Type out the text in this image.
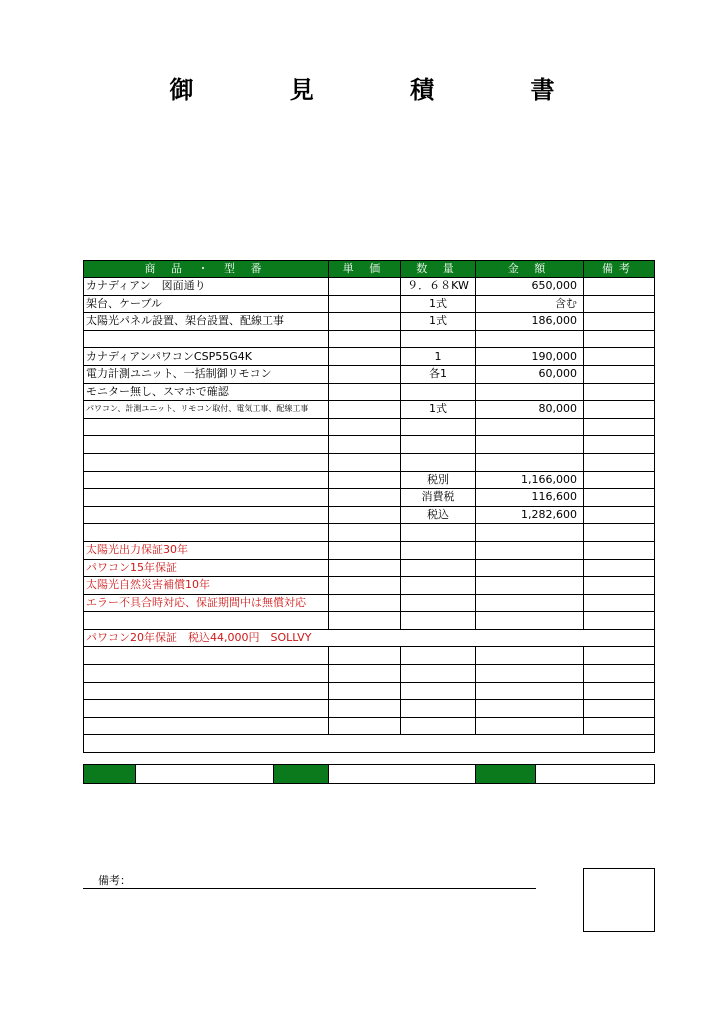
御 見 積 書
商 品 ・ 型 番	単 価	数 量	金 額	備考
カナディアン　図面通り		９．６８KW	650,000	
架台、ケーブル		1式	含む	
太陽光パネル設置、架台設置、配線工事		1式	186,000	

カナディアンパワコンCSP55G4K		1	190,000	
電力計測ユニット、一括制御リモコン		各1	60,000	
モニター無し、スマホで確認				
パワコン、計測ユニット、リモコン取付、電気工事、配線工事		1式	80,000	

		税別	1,166,000	
		消費税	116,600	
		税込	1,282,600	

太陽光出力保証30年				
パワコン15年保証				
太陽光自然災害補償10年				
エラー不具合時対応、保証期間中は無償対応				

パワコン20年保証　税込44,000円　SOLLVY				

備考：
